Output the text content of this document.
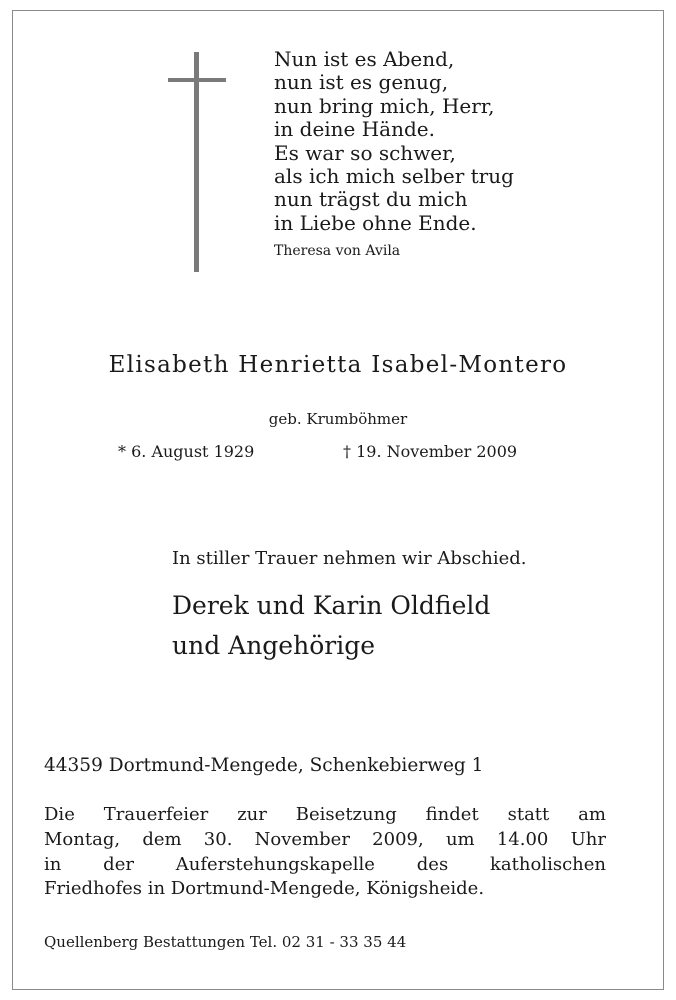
Nun ist es Abend,
nun ist es genug,
nun bring mich, Herr,
in deine Hände.
Es war so schwer,
als ich mich selber trug
nun trägst du mich
in Liebe ohne Ende.
Theresa von Avila
Elisabeth Henrietta Isabel-Montero
geb. Krumböhmer
* 6. August 1929	† 19. November 2009
In stiller Trauer nehmen wir Abschied.
Derek und Karin Oldfield
und Angehörige
44359 Dortmund-Mengede, Schenkebierweg 1
Die Trauerfeier zur Beisetzung findet statt am
Montag, dem 30. November 2009, um 14.00 Uhr
in der Auferstehungskapelle des katholischen
Friedhofes in Dortmund-Mengede, Königsheide.
Quellenberg Bestattungen Tel. 02 31 - 33 35 44
